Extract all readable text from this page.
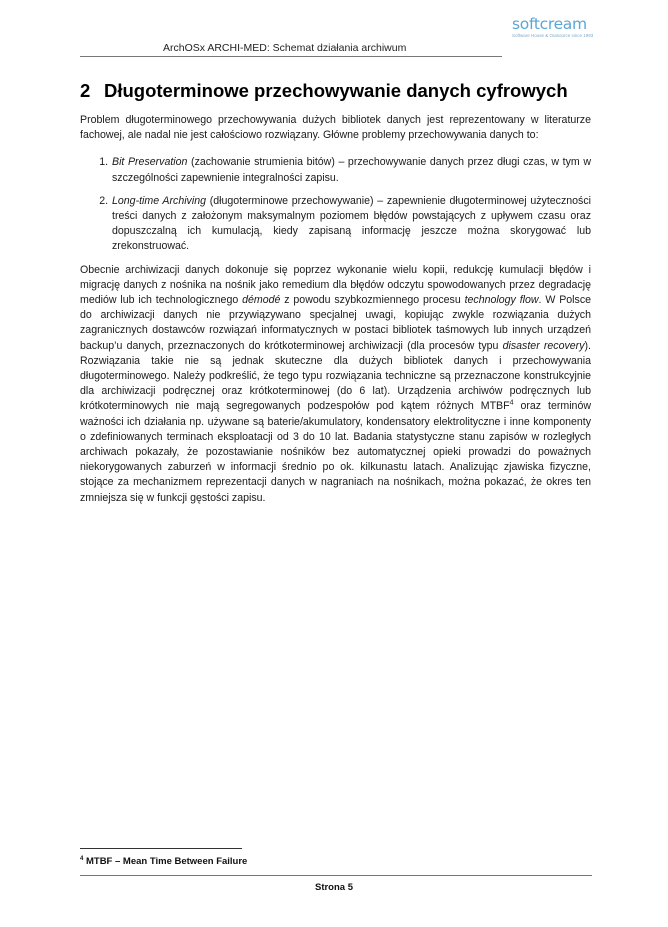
softcream
Software House & Outsource since 1993
ArchOSx ARCHI-MED: Schemat działania archiwum
2 Długoterminowe przechowywanie danych cyfrowych

Problem długoterminowego przechowywania dużych bibliotek danych jest reprezentowany w literaturze fachowej, ale nadal nie jest całościowo rozwiązany. Główne problemy przechowywania danych to:

1. Bit Preservation (zachowanie strumienia bitów) – przechowywanie danych przez długi czas, w tym w szczególności zapewnienie integralności zapisu.
2. Long-time Archiving (długoterminowe przechowywanie) – zapewnienie długoterminowej użyteczności treści danych z założonym maksymalnym poziomem błędów powstających z upływem czasu oraz dopuszczalną ich kumulacją, kiedy zapisaną informację jeszcze można skorygować lub zrekonstruować.

Obecnie archiwizacji danych dokonuje się poprzez wykonanie wielu kopii, redukcję kumulacji błędów i migrację danych z nośnika na nośnik jako remedium dla błędów odczytu spowodowanych przez degradację mediów lub ich technologicznego démodé z powodu szybkozmiennego procesu technology flow. W Polsce do archiwizacji danych nie przywiązywano specjalnej uwagi, kopiując zwykle rozwiązania dużych zagranicznych dostawców rozwiązań informatycznych w postaci bibliotek taśmowych lub innych urządzeń backup’u danych, przeznaczonych do krótkoterminowej archiwizacji (dla procesów typu disaster recovery). Rozwiązania takie nie są jednak skuteczne dla dużych bibliotek danych i przechowywania długoterminowego. Należy podkreślić, że tego typu rozwiązania techniczne są przeznaczone konstrukcyjnie dla archiwizacji podręcznej oraz krótkoterminowej (do 6 lat). Urządzenia archiwów podręcznych lub krótkoterminowych nie mają segregowanych podzespołów pod kątem różnych MTBF$^4$ oraz terminów ważności ich działania np. używane są baterie/akumulatory, kondensatory elektrolityczne i inne komponenty o zdefiniowanych terminach eksploatacji od 3 do 10 lat. Badania statystyczne stanu zapisów w rozległych archiwach pokazały, że pozostawianie nośników bez automatycznej opieki prowadzi do poważnych niekorygowanych zaburzeń w informacji średnio po ok. kilkunastu latach. Analizując zjawiska fizyczne, stojące za mechanizmem reprezentacji danych w nagraniach na nośnikach, można pokazać, że okres ten zmniejsza się w funkcji gęstości zapisu.

$^4$ MTBF – Mean Time Between Failure
Strona 5
